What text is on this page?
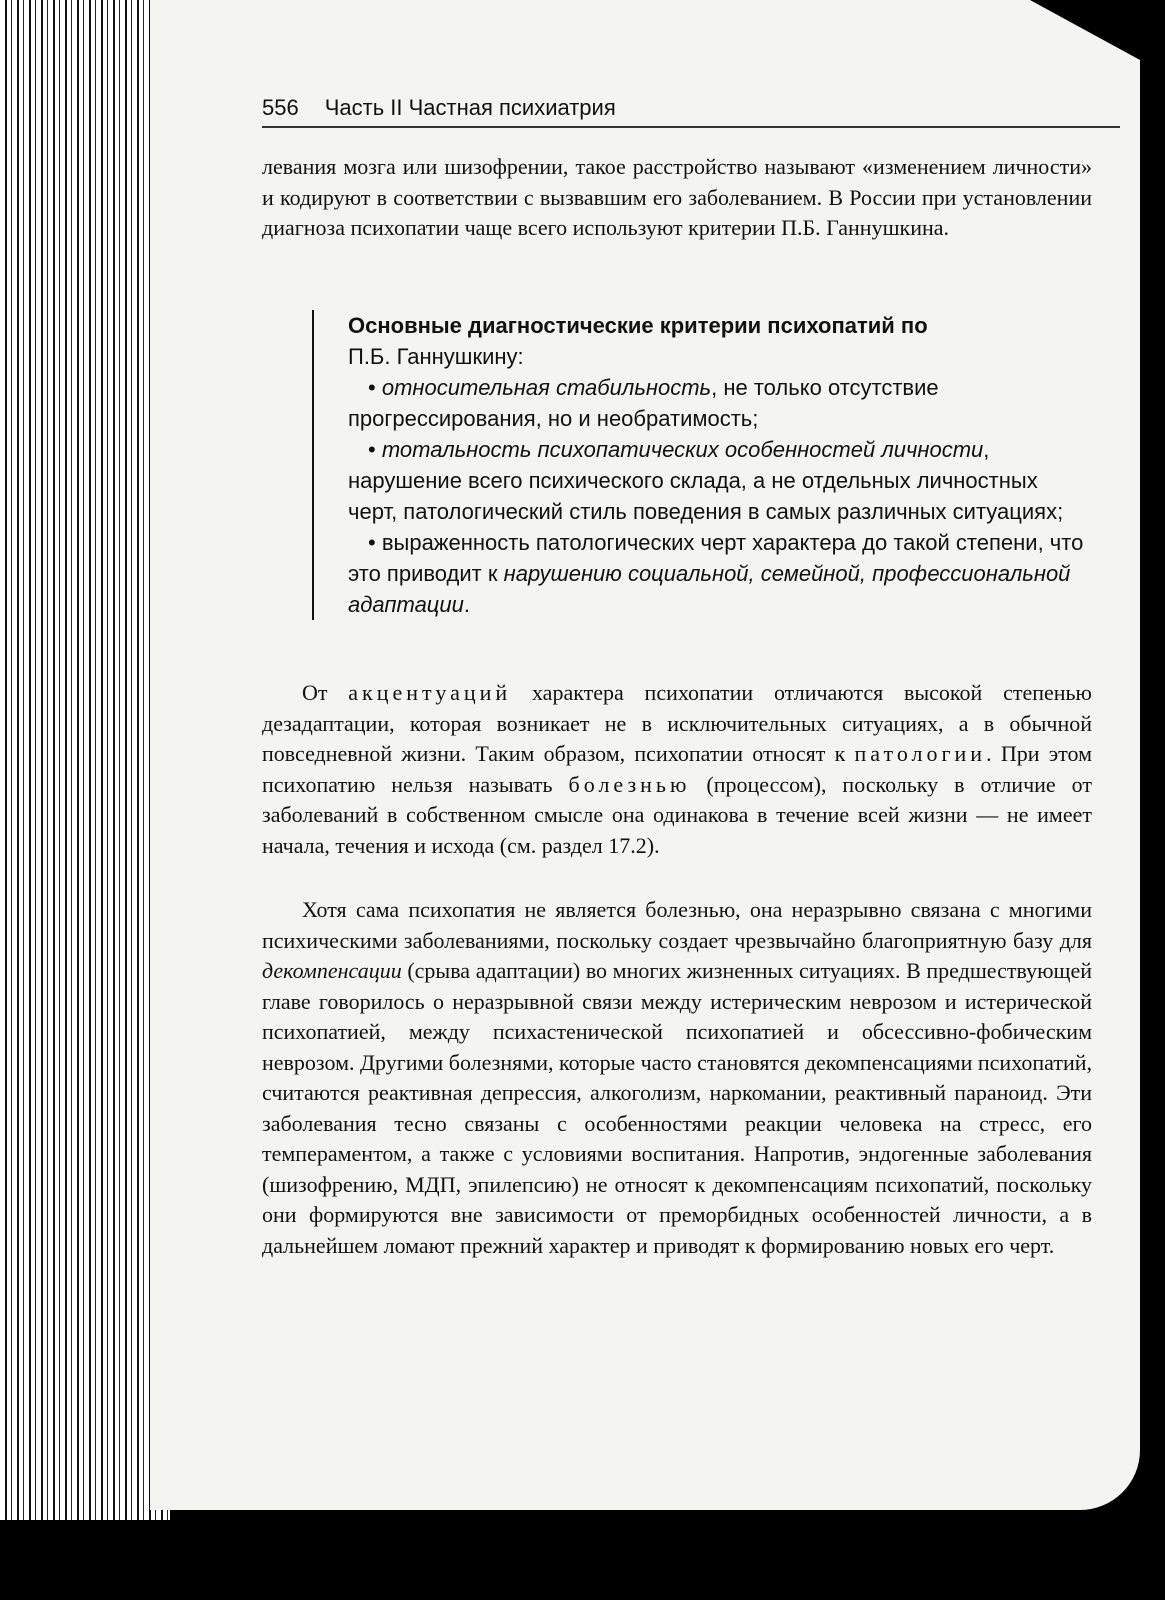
556 Часть II Частная психиатрия
левания мозга или шизофрении, такое расстройство называют «изменением личности» и кодируют в соответствии с вызвавшим его заболеванием. В России при установлении диагноза психопатии чаще всего используют критерии П.Б. Ганнушкина.
Основные диагностические критерии психопатий по
П.Б. Ганнушкину:
• относительная стабильность, не только отсутствие прогрессирования, но и необратимость;
• тотальность психопатических особенностей личности, нарушение всего психического склада, а не отдельных личностных черт, патологический стиль поведения в самых различных ситуациях;
• выраженность патологических черт характера до такой степени, что это приводит к нарушению социальной, семейной, профессиональной адаптации.
От акцентуаций характера психопатии отличаются высокой степенью дезадаптации, которая возникает не в исключительных ситуациях, а в обычной повседневной жизни. Таким образом, психопатии относят к патологии. При этом психопатию нельзя называть болезнью (процессом), поскольку в отличие от заболеваний в собственном смысле она одинакова в течение всей жизни — не имеет начала, течения и исхода (см. раздел 17.2).
Хотя сама психопатия не является болезнью, она неразрывно связана с многими психическими заболеваниями, поскольку создает чрезвычайно благоприятную базу для декомпенсации (срыва адаптации) во многих жизненных ситуациях. В предшествующей главе говорилось о неразрывной связи между истерическим неврозом и истерической психопатией, между психастенической психопатией и обсессивно-фобическим неврозом. Другими болезнями, которые часто становятся декомпенсациями психопатий, считаются реактивная депрессия, алкоголизм, наркомании, реактивный параноид. Эти заболевания тесно связаны с особенностями реакции человека на стресс, его темпераментом, а также с условиями воспитания. Напротив, эндогенные заболевания (шизофрению, МДП, эпилепсию) не относят к декомпенсациям психопатий, поскольку они формируются вне зависимости от преморбидных особенностей личности, а в дальнейшем ломают прежний характер и приводят к формированию новых его черт.
